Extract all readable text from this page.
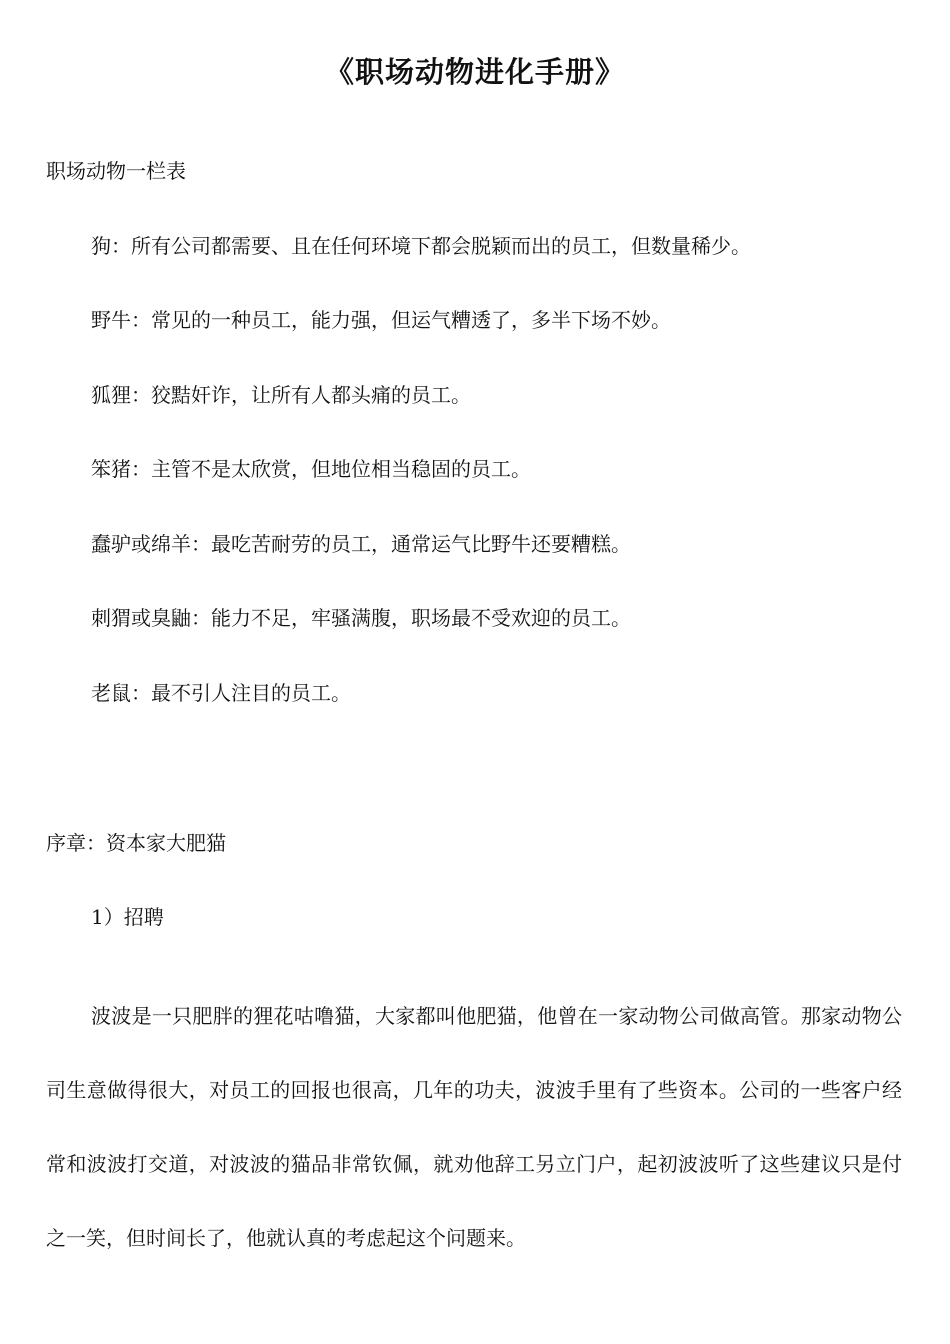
《职场动物进化手册》
职场动物一栏表
狗：所有公司都需要、且在任何环境下都会脱颖而出的员工，但数量稀少。
野牛：常见的一种员工，能力强，但运气糟透了，多半下场不妙。
狐狸：狡黠奸诈，让所有人都头痛的员工。
笨猪：主管不是太欣赏，但地位相当稳固的员工。
蠢驴或绵羊：最吃苦耐劳的员工，通常运气比野牛还要糟糕。
刺猬或臭鼬：能力不足，牢骚满腹，职场最不受欢迎的员工。
老鼠：最不引人注目的员工。
序章：资本家大肥猫
1）招聘
波波是一只肥胖的狸花咕噜猫，大家都叫他肥猫，他曾在一家动物公司做高管。那家动物公司生意做得很大，对员工的回报也很高，几年的功夫，波波手里有了些资本。公司的一些客户经常和波波打交道，对波波的猫品非常钦佩，就劝他辞工另立门户，起初波波听了这些建议只是付之一笑，但时间长了，他就认真的考虑起这个问题来。
